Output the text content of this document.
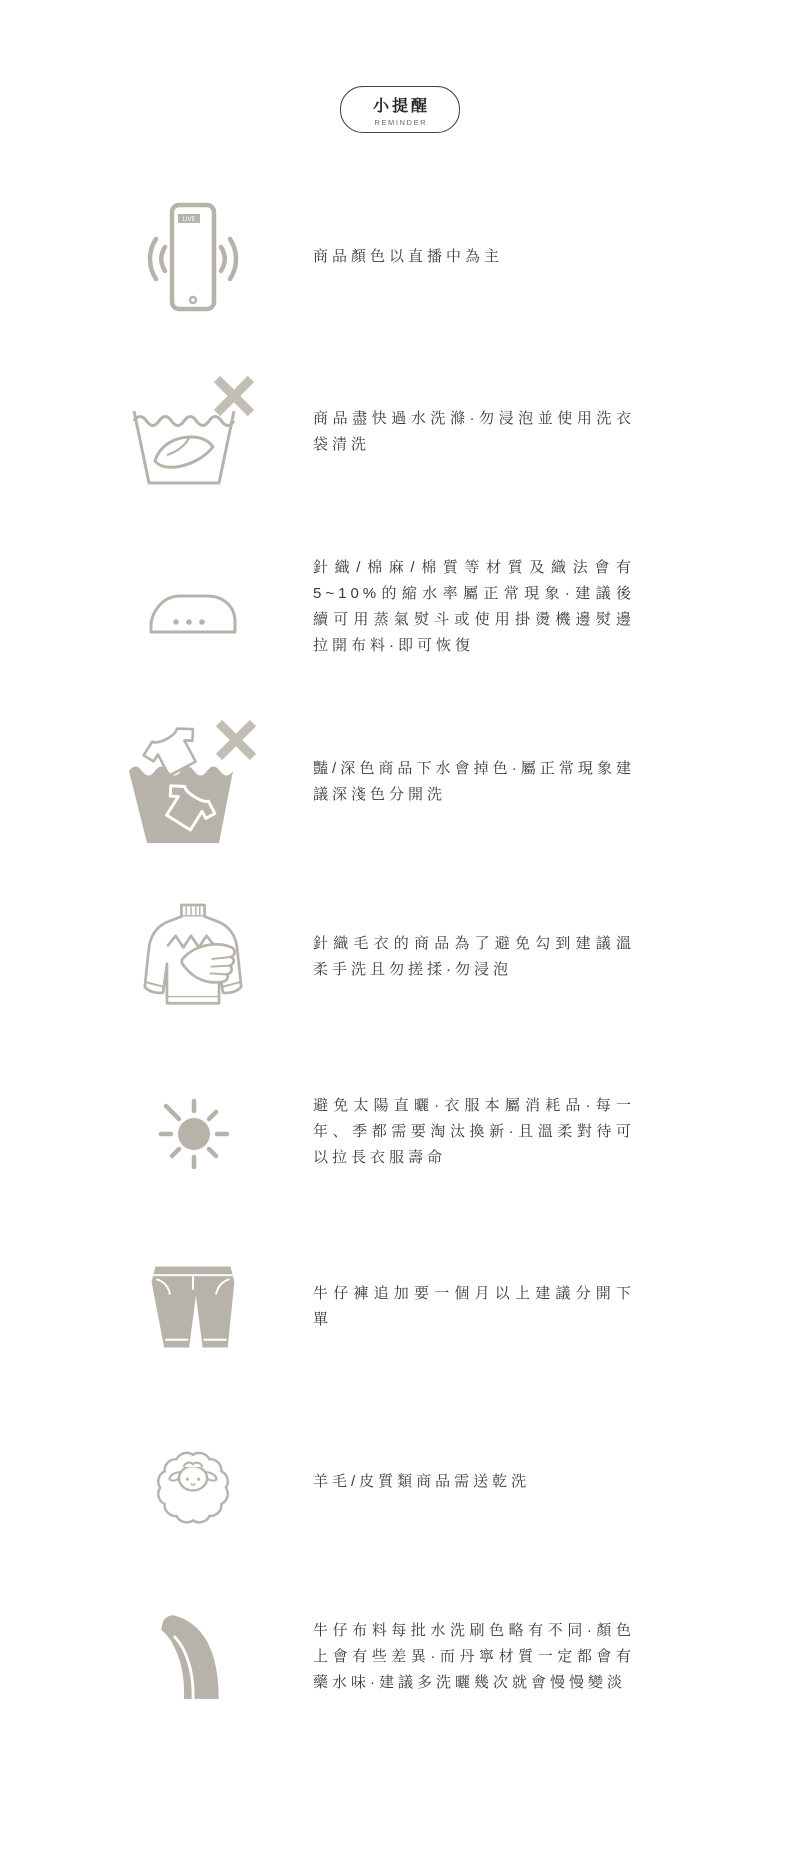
小提醒
REMINDER
LIVE

商品顏色以直播中為主

商品盡快過水洗滌·勿浸泡並使用洗衣袋清洗

針織/棉麻/棉質等材質及織法會有5~10%的縮水率屬正常現象·建議後續可用蒸氣熨斗或使用掛燙機邊熨邊拉開布料·即可恢復

豔/深色商品下水會掉色·屬正常現象建議深淺色分開洗

針織毛衣的商品為了避免勾到建議溫柔手洗且勿搓揉·勿浸泡

避免太陽直曬·衣服本屬消耗品·每一年、季都需要淘汰換新·且溫柔對待可以拉長衣服壽命

牛仔褲追加要一個月以上建議分開下單

羊毛/皮質類商品需送乾洗

牛仔布料每批水洗刷色略有不同·顏色上會有些差異·而丹寧材質一定都會有藥水味·建議多洗曬幾次就會慢慢變淡
